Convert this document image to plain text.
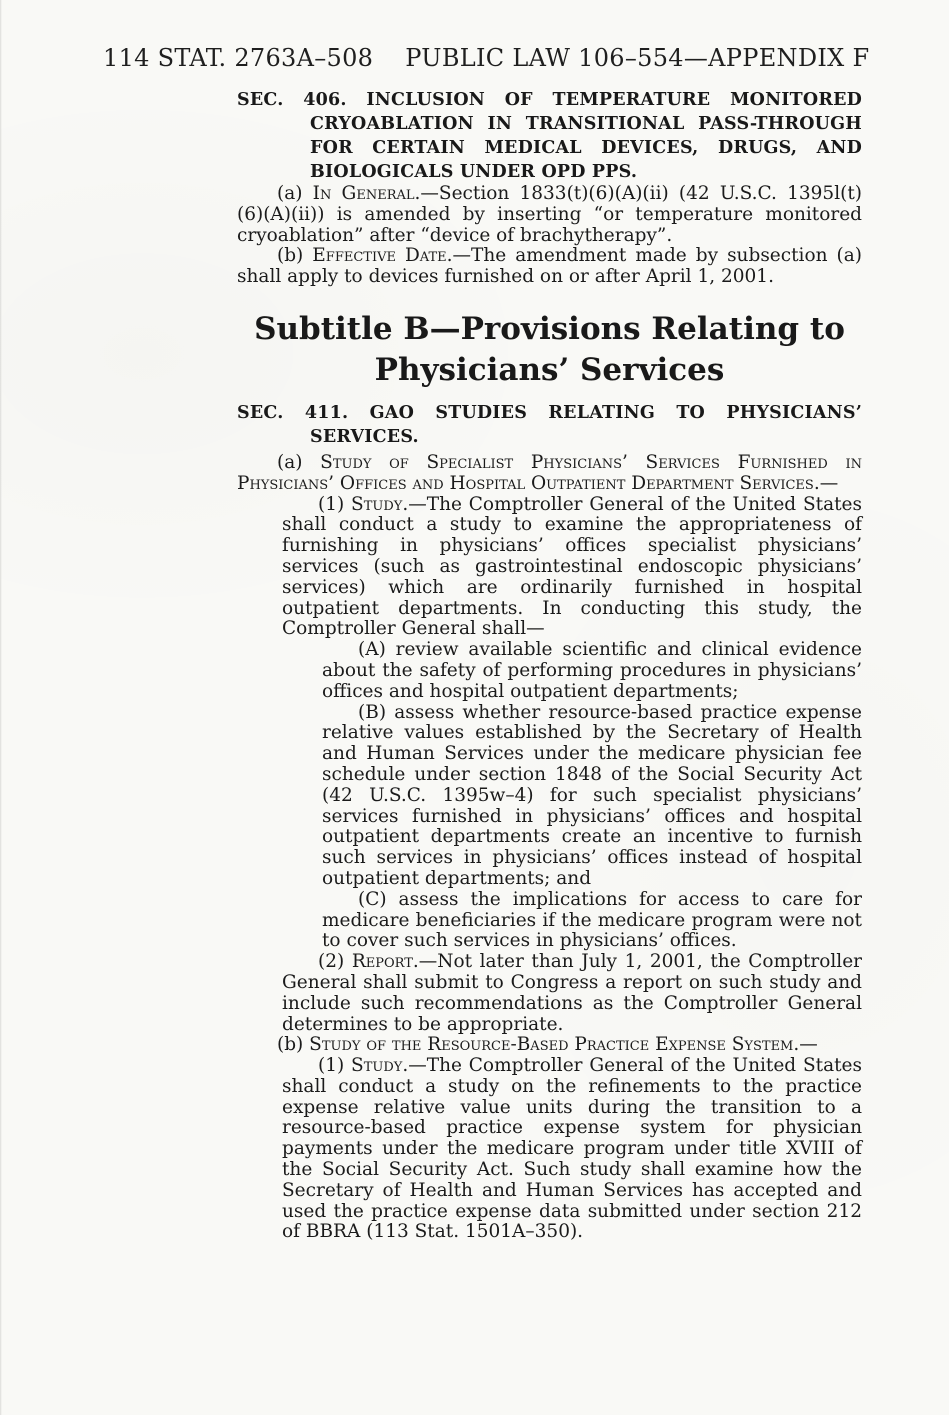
114 STAT. 2763A–508 PUBLIC LAW 106–554—APPENDIX F

SEC. 406. INCLUSION OF TEMPERATURE MONITORED CRYOABLATION IN TRANSITIONAL PASS-THROUGH FOR CERTAIN MEDICAL DEVICES, DRUGS, AND BIOLOGICALS UNDER OPD PPS.

(a) In General.—Section 1833(t)(6)(A)(ii) (42 U.S.C. 1395l(t)(6)(A)(ii)) is amended by inserting “or temperature monitored cryoablation” after “device of brachytherapy”.

(b) Effective Date.—The amendment made by subsection (a) shall apply to devices furnished on or after April 1, 2001.

Subtitle B—Provisions Relating to
Physicians’ Services

SEC. 411. GAO STUDIES RELATING TO PHYSICIANS’ SERVICES.

(a) Study of Specialist Physicians’ Services Furnished in Physicians’ Offices and Hospital Outpatient Department Services.—

(1) Study.—The Comptroller General of the United States shall conduct a study to examine the appropriateness of furnishing in physicians’ offices specialist physicians’ services (such as gastrointestinal endoscopic physicians’ services) which are ordinarily furnished in hospital outpatient departments. In conducting this study, the Comptroller General shall—

(A) review available scientific and clinical evidence about the safety of performing procedures in physicians’ offices and hospital outpatient departments;

(B) assess whether resource-based practice expense relative values established by the Secretary of Health and Human Services under the medicare physician fee schedule under section 1848 of the Social Security Act (42 U.S.C. 1395w–4) for such specialist physicians’ services furnished in physicians’ offices and hospital outpatient departments create an incentive to furnish such services in physicians’ offices instead of hospital outpatient departments; and

(C) assess the implications for access to care for medicare beneficiaries if the medicare program were not to cover such services in physicians’ offices.

(2) Report.—Not later than July 1, 2001, the Comptroller General shall submit to Congress a report on such study and include such recommendations as the Comptroller General determines to be appropriate.

(b) Study of the Resource-Based Practice Expense System.—

(1) Study.—The Comptroller General of the United States shall conduct a study on the refinements to the practice expense relative value units during the transition to a resource-based practice expense system for physician payments under the medicare program under title XVIII of the Social Security Act. Such study shall examine how the Secretary of Health and Human Services has accepted and used the practice expense data submitted under section 212 of BBRA (113 Stat. 1501A–350).
